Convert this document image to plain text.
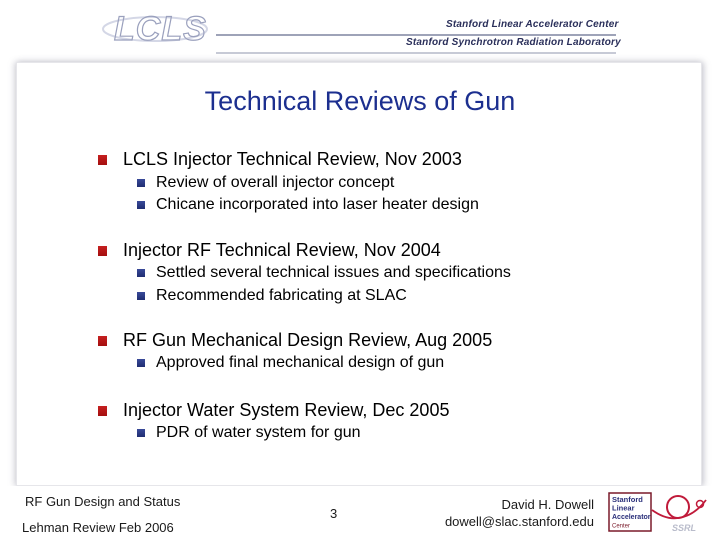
LCLS	Stanford Linear Accelerator Center
Stanford Synchrotron Radiation Laboratory
Technical Reviews of Gun
LCLS Injector Technical Review, Nov 2003
Review of overall injector concept
Chicane incorporated into laser heater design
Injector RF Technical Review, Nov 2004
Settled several technical issues and specifications
Recommended fabricating at SLAC
RF Gun Mechanical Design Review, Aug 2005
Approved final mechanical design of gun
Injector Water System Review, Dec 2005
PDR of water system for gun
RF Gun Design and Status
Lehman Review Feb 2006
3
David H. Dowell
dowell@slac.stanford.edu
Stanford
Linear
Accelerator
Center	SSRL
